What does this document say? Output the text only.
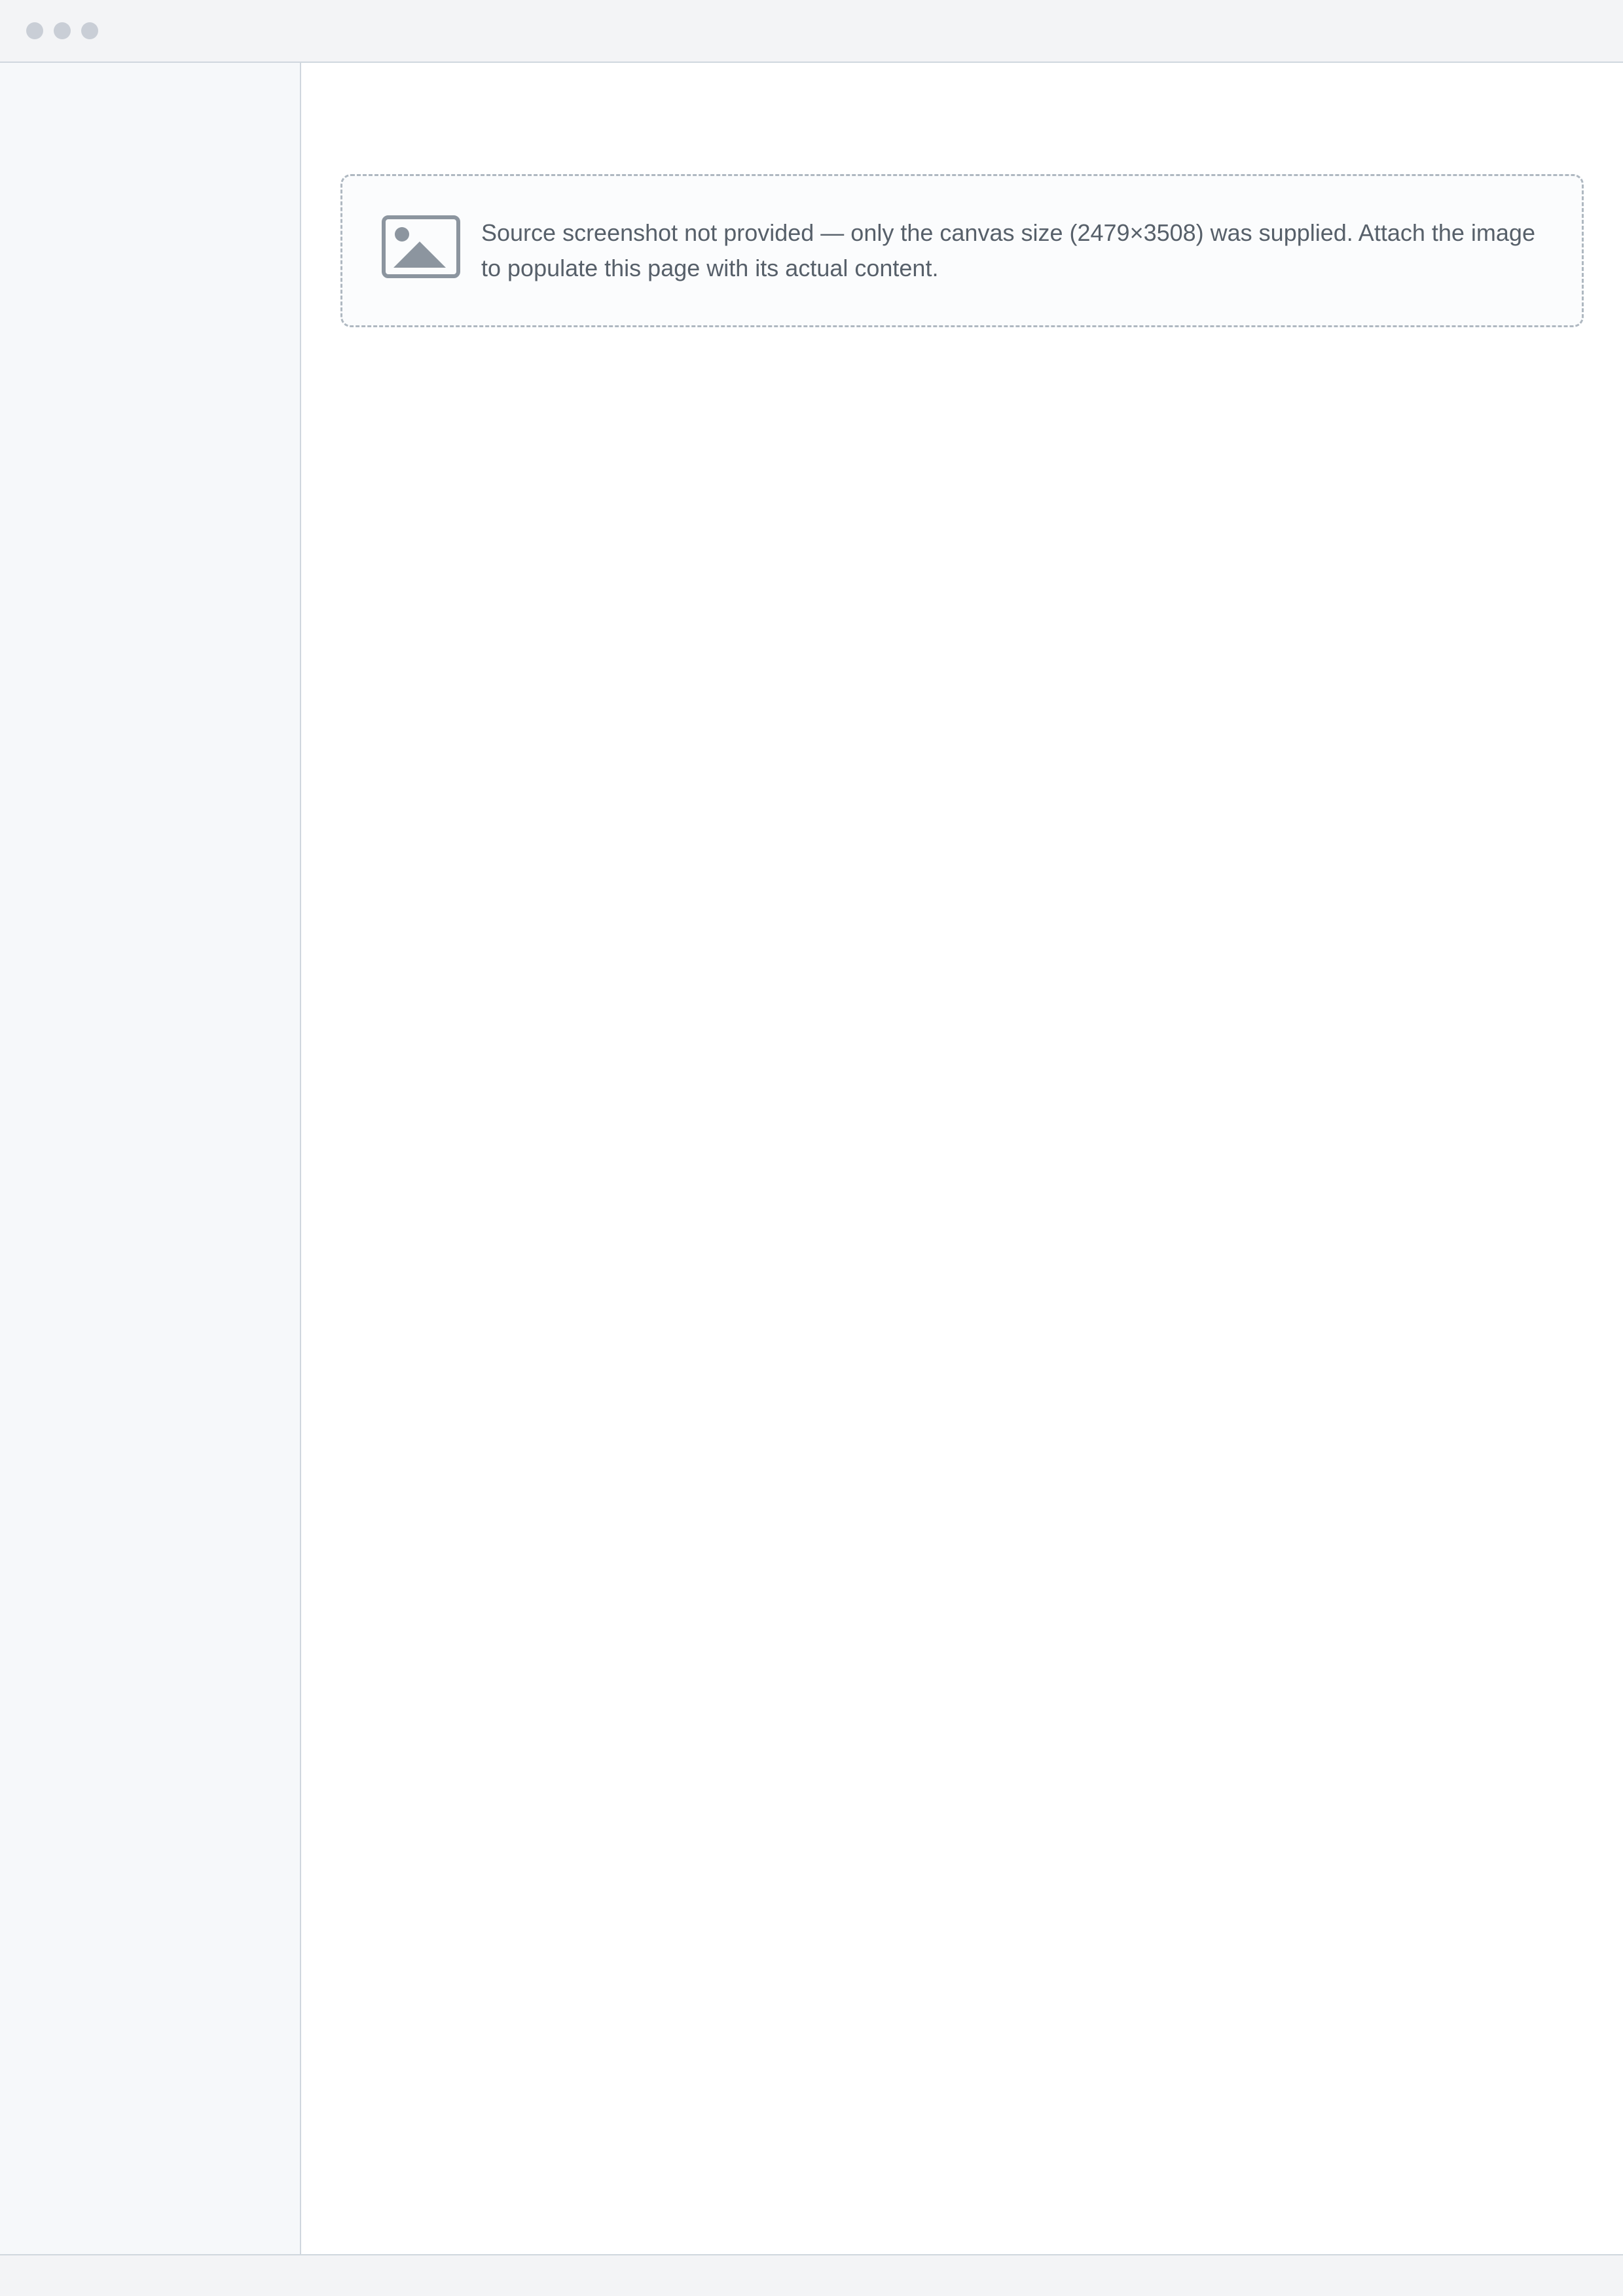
Source screenshot not provided — only the canvas size (2479×3508) was supplied. Attach the image to populate this page with its actual content.
